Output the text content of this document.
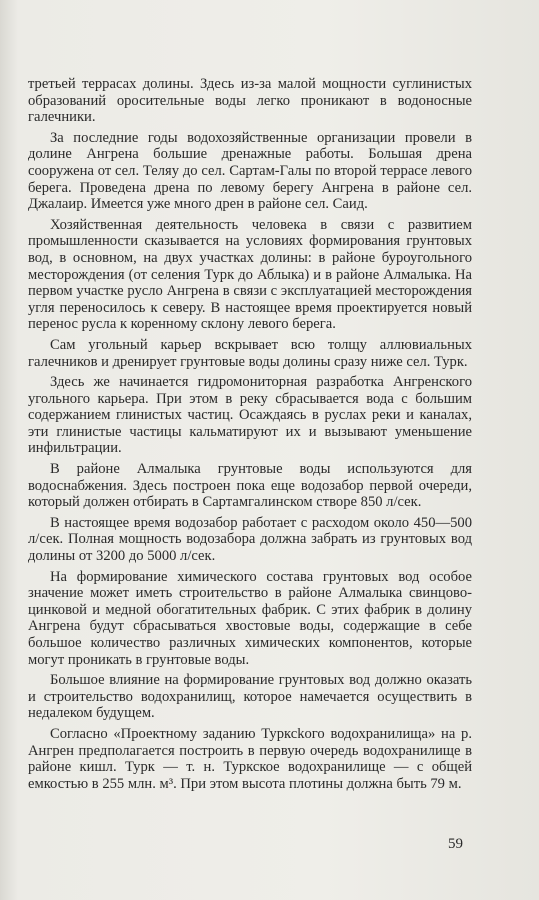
третьей террасах долины. Здесь из-за малой мощности суглинистых образований оросительные воды легко проникают в водоносные галечники.

За последние годы водохозяйственные организации провели в долине Ангрена большие дренажные работы. Большая дрена сооружена от сел. Теляу до сел. Сартам-Галы по второй террасе левого берега. Проведена дрена по левому берегу Ангрена в районе сел. Джалаир. Имеется уже много дрен в районе сел. Саид.

Хозяйственная деятельность человека в связи с развитием промышленности сказывается на условиях формирования грунтовых вод, в основном, на двух участках долины: в районе буроугольного месторождения (от селения Турк до Аблыка) и в районе Алмалыка. На первом участке русло Ангрена в связи с эксплуатацией месторождения угля переносилось к северу. В настоящее время проектируется новый перенос русла к коренному склону левого берега.

Сам угольный карьер вскрывает всю толщу аллювиальных галечников и дренирует грунтовые воды долины сразу ниже сел. Турк.

Здесь же начинается гидромониторная разработка Ангренского угольного карьера. При этом в реку сбрасывается вода с большим содержанием глинистых частиц. Осаждаясь в руслах реки и каналах, эти глинистые частицы кальматируют их и вызывают уменьшение инфильтрации.

В районе Алмалыка грунтовые воды используются для водоснабжения. Здесь построен пока еще водозабор первой очереди, который должен отбирать в Сартамгалинском створе 850 л/сек.

В настоящее время водозабор работает с расходом около 450—500 л/сек. Полная мощность водозабора должна забрать из грунтовых вод долины от 3200 до 5000 л/сек.

На формирование химического состава грунтовых вод особое значение может иметь строительство в районе Алмалыка свинцово-цинковой и медной обогатительных фабрик. С этих фабрик в долину Ангрена будут сбрасываться хвостовые воды, содержащие в себе большое количество различных химических компонентов, которые могут проникать в грунтовые воды.

Большое влияние на формирование грунтовых вод должно оказать и строительство водохранилищ, которое намечается осуществить в недалеком будущем.

Согласно «Проектному заданию Турксkого водохранилища» на р. Ангрен предполагается построить в первую очередь водохранилище в районе кишл. Турк — т. н. Туркское водохранилище — с общей емкостью в 255 млн. м³. При этом высота плотины должна быть 79 м.

59
